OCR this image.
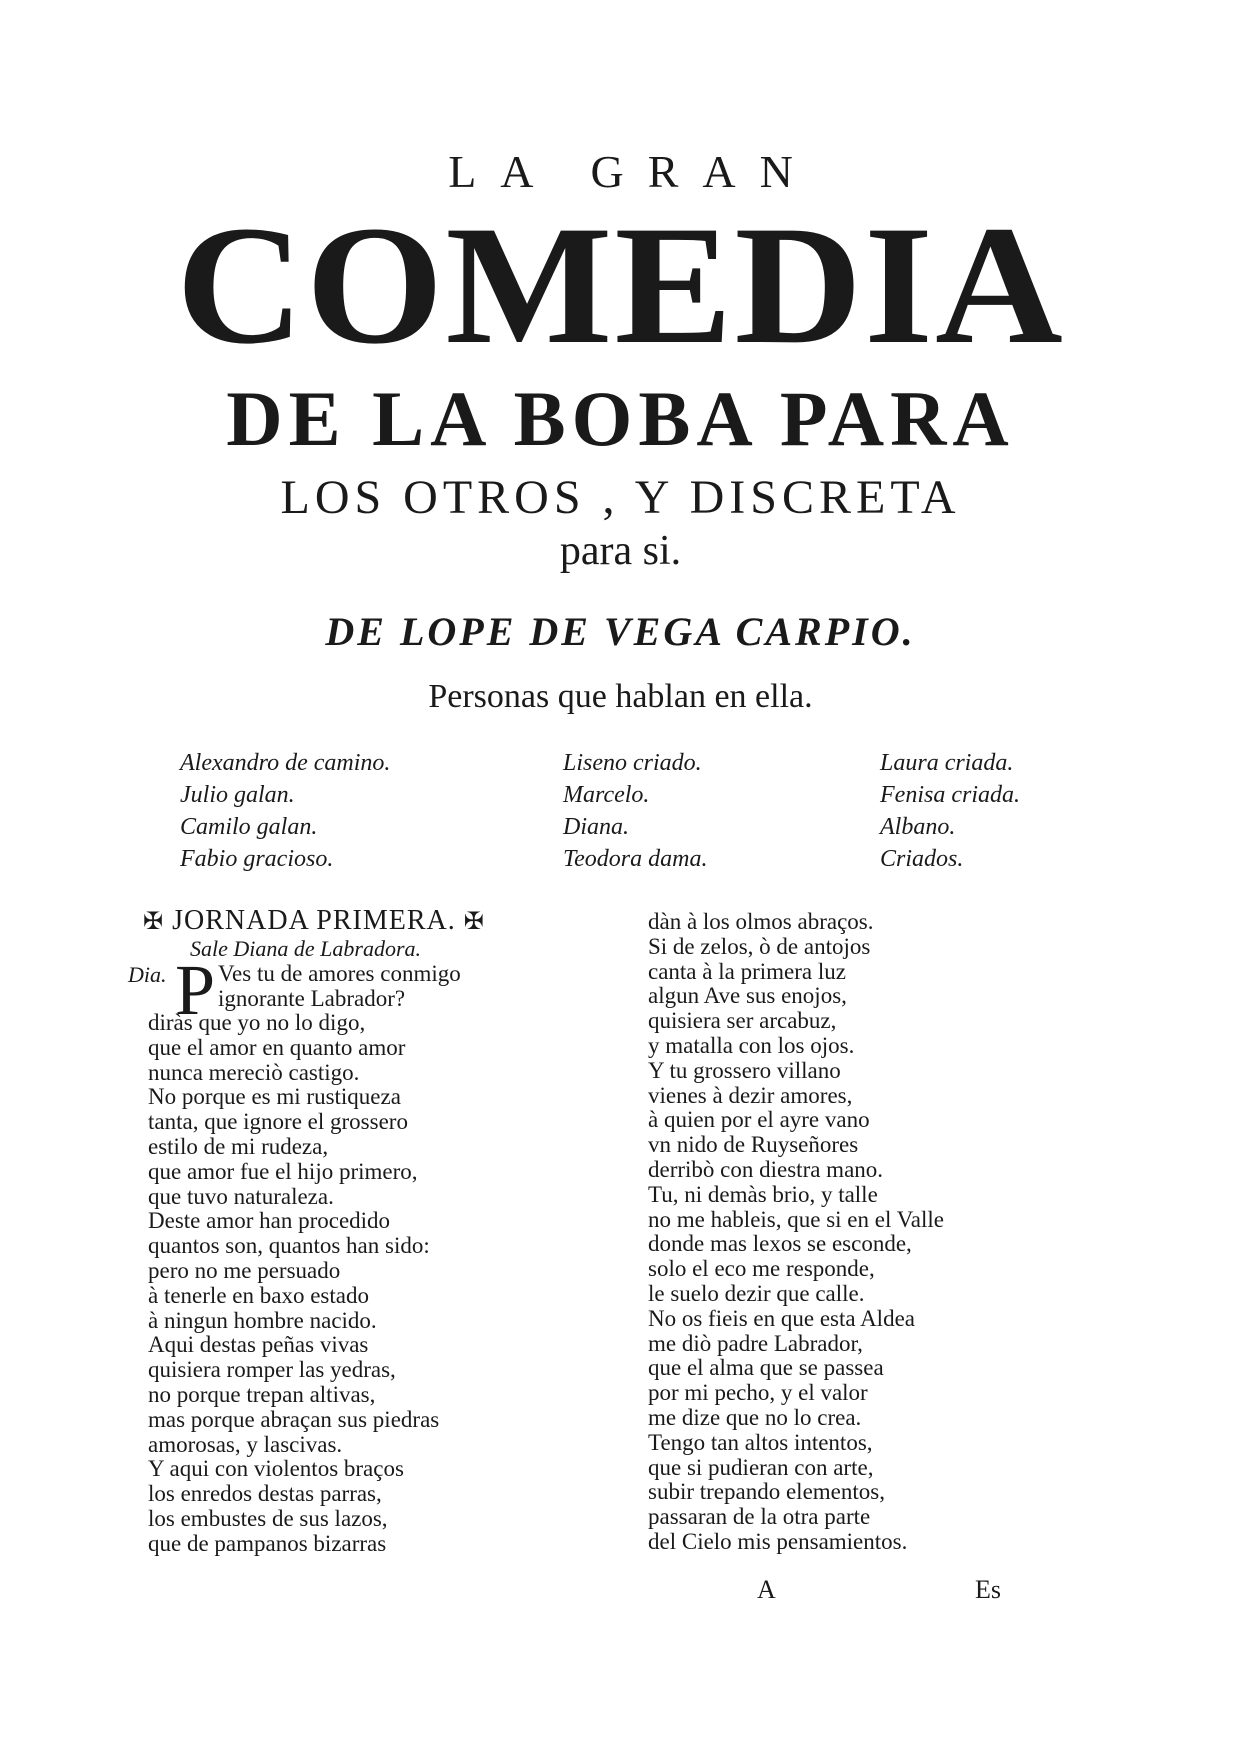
LA GRAN
COMEDIA
DE LA BOBA PARA
LOS OTROS , Y DISCRETA
para si.
DE LOPE DE VEGA CARPIO.
Personas que hablan en ella.
Alexandro de camino.
Julio galan.
Camilo galan.
Fabio gracioso.
Liseno criado.
Marcelo.
Diana.
Teodora dama.
Laura criada.
Fenisa criada.
Albano.
Criados.
✠ JORNADA PRIMERA. ✠
Sale Diana de Labradora.
Dia. P Ves tu de amores conmigo
ignorante Labrador?
diràs que yo no lo digo,
que el amor en quanto amor
nunca mereciò castigo.
No porque es mi rustiqueza
tanta, que ignore el grossero
estilo de mi rudeza,
que amor fue el hijo primero,
que tuvo naturaleza.
Deste amor han procedido
quantos son, quantos han sido:
pero no me persuado
à tenerle en baxo estado
à ningun hombre nacido.
Aqui destas peñas vivas
quisiera romper las yedras,
no porque trepan altivas,
mas porque abraçan sus piedras
amorosas, y lascivas.
Y aqui con violentos braços
los enredos destas parras,
los embustes de sus lazos,
que de pampanos bizarras
dàn à los olmos abraços.
Si de zelos, ò de antojos
canta à la primera luz
algun Ave sus enojos,
quisiera ser arcabuz,
y matalla con los ojos.
Y tu grossero villano
vienes à dezir amores,
à quien por el ayre vano
vn nido de Ruyseñores
derribò con diestra mano.
Tu, ni demàs brio, y talle
no me hableis, que si en el Valle
donde mas lexos se esconde,
solo el eco me responde,
le suelo dezir que calle.
No os fieis en que esta Aldea
me diò padre Labrador,
que el alma que se passea
por mi pecho, y el valor
me dize que no lo crea.
Tengo tan altos intentos,
que si pudieran con arte,
subir trepando elementos,
passaran de la otra parte
del Cielo mis pensamientos.
A	Es
